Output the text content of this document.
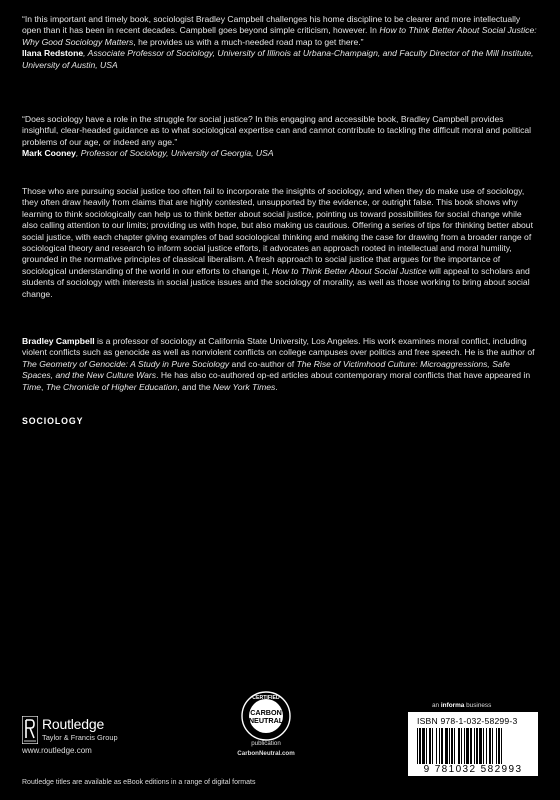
“In this important and timely book, sociologist Bradley Campbell challenges his home discipline to be clearer and more intellectually open than it has been in recent decades. Campbell goes beyond simple criticism, however. In How to Think Better About Social Justice: Why Good Sociology Matters, he provides us with a much-needed road map to get there.”
Ilana Redstone, Associate Professor of Sociology, University of Illinois at Urbana-Champaign, and Faculty Director of the Mill Institute, University of Austin, USA
“Does sociology have a role in the struggle for social justice? In this engaging and accessible book, Bradley Campbell provides insightful, clear-headed guidance as to what sociological expertise can and cannot contribute to tackling the difficult moral and political problems of our age, or indeed any age.”
Mark Cooney, Professor of Sociology, University of Georgia, USA
Those who are pursuing social justice too often fail to incorporate the insights of sociology, and when they do make use of sociology, they often draw heavily from claims that are highly contested, unsupported by the evidence, or outright false. This book shows why learning to think sociologically can help us to think better about social justice, pointing us toward possibilities for social change while also calling attention to our limits; providing us with hope, but also making us cautious. Offering a series of tips for thinking better about social justice, with each chapter giving examples of bad sociological thinking and making the case for drawing from a broader range of sociological theory and research to inform social justice efforts, it advocates an approach rooted in intellectual and moral humility, grounded in the normative principles of classical liberalism. A fresh approach to social justice that argues for the importance of sociological understanding of the world in our efforts to change it, How to Think Better About Social Justice will appeal to scholars and students of sociology with interests in social justice issues and the sociology of morality, as well as those working to bring about social change.
Bradley Campbell is a professor of sociology at California State University, Los Angeles. His work examines moral conflict, including violent conflicts such as genocide as well as nonviolent conflicts on college campuses over politics and free speech. He is the author of The Geometry of Genocide: A Study in Pure Sociology and co-author of The Rise of Victimhood Culture: Microaggressions, Safe Spaces, and the New Culture Wars. He has also co-authored op-ed articles about contemporary moral conflicts that have appeared in Time, The Chronicle of Higher Education, and the New York Times.
SOCIOLOGY
Routledge
Taylor & Francis Group
www.routledge.com
CERTIFIED
CARBON
NEUTRAL
publication
CarbonNeutral.com
an informa business
ISBN 978-1-032-58299-3
9 781032 582993
Routledge titles are available as eBook editions in a range of digital formats
